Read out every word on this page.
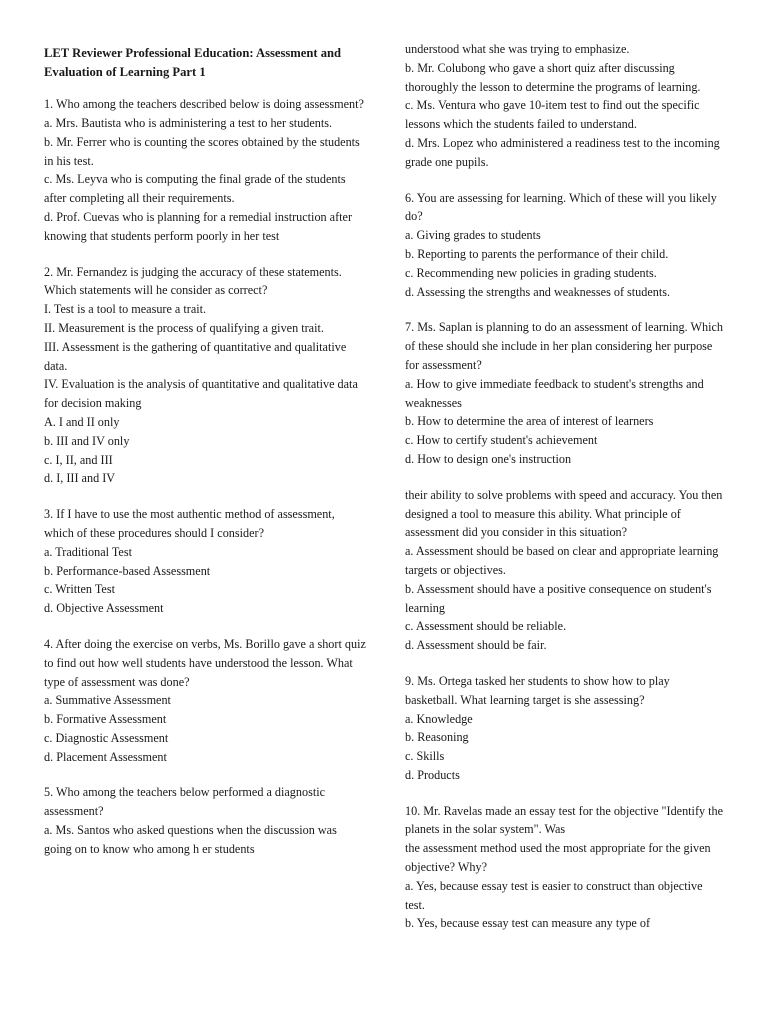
LET Reviewer Professional Education: Assessment and Evaluation of Learning Part 1
1. Who among the teachers described below is doing assessment?
a. Mrs. Bautista who is administering a test to her students.
b. Mr. Ferrer who is counting the scores obtained by the students in his test.
c. Ms. Leyva who is computing the final grade of the students after completing all their requirements.
d. Prof. Cuevas who is planning for a remedial instruction after knowing that students perform poorly in her test
2. Mr. Fernandez is judging the accuracy of these statements. Which statements will he consider as correct?
I. Test is a tool to measure a trait.
II. Measurement is the process of qualifying a given trait.
III. Assessment is the gathering of quantitative and qualitative data.
IV. Evaluation is the analysis of quantitative and qualitative data for decision making
A. I and II only
b. III and IV only
c. I, II, and III
d. I, III and IV
3. If I have to use the most authentic method of assessment, which of these procedures should I consider?
a. Traditional Test
b. Performance-based Assessment
c. Written Test
d. Objective Assessment
4. After doing the exercise on verbs, Ms. Borillo gave a short quiz to find out how well students have understood the lesson. What type of assessment was done?
a. Summative Assessment
b. Formative Assessment
c. Diagnostic Assessment
d. Placement Assessment
5. Who among the teachers below performed a diagnostic assessment?
a. Ms. Santos who asked questions when the discussion was going on to know who among h er students
understood what she was trying to emphasize.
b. Mr. Colubong who gave a short quiz after discussing thoroughly the lesson to determine the programs of learning.
c. Ms. Ventura who gave 10-item test to find out the specific lessons which the students failed to understand.
d. Mrs. Lopez who administered a readiness test to the incoming grade one pupils.
6. You are assessing for learning. Which of these will you likely do?
a. Giving grades to students
b. Reporting to parents the performance of their child.
c. Recommending new policies in grading students.
d. Assessing the strengths and weaknesses of students.
7. Ms. Saplan is planning to do an assessment of learning. Which of these should she include in her plan considering her purpose for assessment?
a. How to give immediate feedback to student's strengths and weaknesses
b. How to determine the area of interest of learners
c. How to certify student's achievement
d. How to design one's instruction
their ability to solve problems with speed and accuracy. You then designed a tool to measure this ability. What principle of assessment did you consider in this situation?
a. Assessment should be based on clear and appropriate learning targets or objectives.
b. Assessment should have a positive consequence on student's learning
c. Assessment should be reliable.
d. Assessment should be fair.
9. Ms. Ortega tasked her students to show how to play basketball. What learning target is she assessing?
a. Knowledge
b. Reasoning
c. Skills
d. Products
10. Mr. Ravelas made an essay test for the objective "Identify the planets in the solar system". Was
the assessment method used the most appropriate for the given objective? Why?
a. Yes, because essay test is easier to construct than objective test.
b. Yes, because essay test can measure any type of
